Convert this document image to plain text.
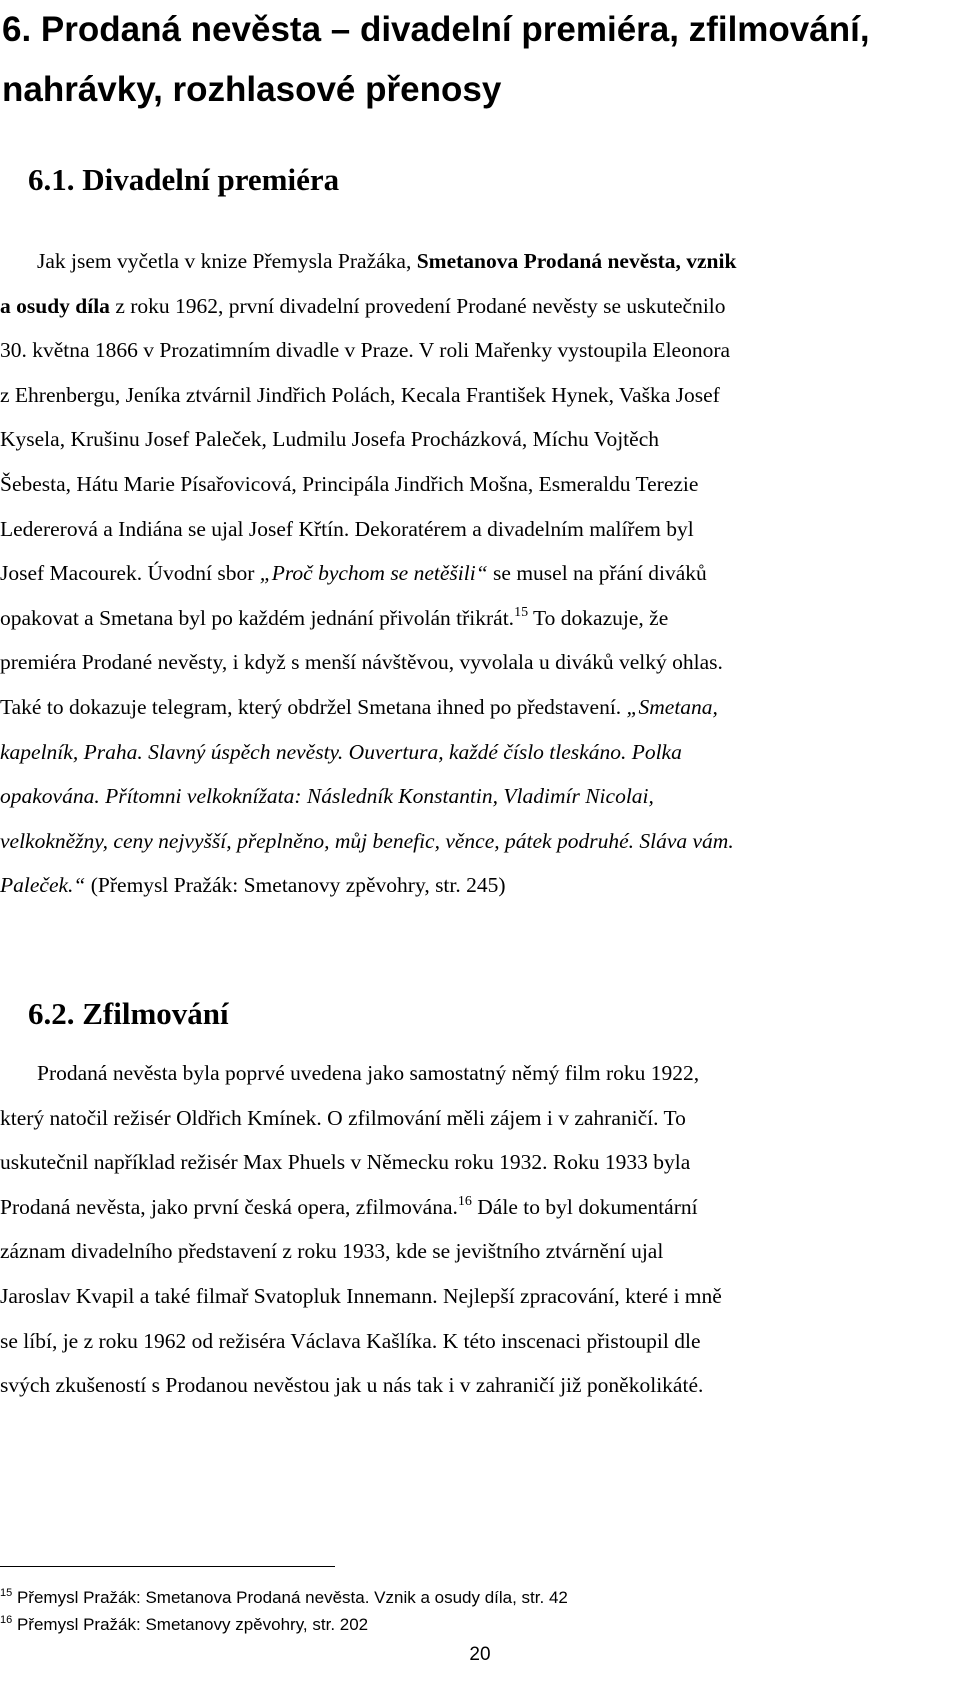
6. Prodaná nevěsta – divadelní premiéra, zfilmování,
nahrávky, rozhlasové přenosy
6.1. Divadelní premiéra
Jak jsem vyčetla v knize Přemysla Pražáka, Smetanova Prodaná nevěsta, vznik
a osudy díla z roku 1962, první divadelní provedení Prodané nevěsty se uskutečnilo
30. května 1866 v Prozatimním divadle v Praze. V roli Mařenky vystoupila Eleonora
z Ehrenbergu, Jeníka ztvárnil Jindřich Polách, Kecala František Hynek, Vaška Josef
Kysela, Krušinu Josef Paleček, Ludmilu Josefa Procházková, Míchu Vojtěch
Šebesta, Hátu Marie Písařovicová, Principála Jindřich Mošna, Esmeraldu Terezie
Ledererová a Indiána se ujal Josef Křtín. Dekoratérem a divadelním malířem byl
Josef Macourek. Úvodní sbor „Proč bychom se netěšili“ se musel na přání diváků
opakovat a Smetana byl po každém jednání přivolán třikrát.$^{15}$ To dokazuje, že
premiéra Prodané nevěsty, i když s menší návštěvou, vyvolala u diváků velký ohlas.
Také to dokazuje telegram, který obdržel Smetana ihned po představení. „Smetana,
kapelník, Praha. Slavný úspěch nevěsty. Ouvertura, každé číslo tleskáno. Polka
opakována. Přítomni velkoknížata: Následník Konstantin, Vladimír Nicolai,
velkokněžny, ceny nejvyšší, přeplněno, můj benefic, věnce, pátek podruhé. Sláva vám.
Paleček.“ (Přemysl Pražák: Smetanovy zpěvohry, str. 245)
6.2. Zfilmování
Prodaná nevěsta byla poprvé uvedena jako samostatný němý film roku 1922,
který natočil režisér Oldřich Kmínek. O zfilmování měli zájem i v zahraničí. To
uskutečnil například režisér Max Phuels v Německu roku 1932. Roku 1933 byla
Prodaná nevěsta, jako první česká opera, zfilmována.$^{16}$ Dále to byl dokumentární
záznam divadelního představení z roku 1933, kde se jevištního ztvárnění ujal
Jaroslav Kvapil a také filmař Svatopluk Innemann. Nejlepší zpracování, které i mně
se líbí, je z roku 1962 od režiséra Václava Kašlíka. K této inscenaci přistoupil dle
svých zkušeností s Prodanou nevěstou jak u nás tak i v zahraničí již poněkolikáté.
$^{15}$ Přemysl Pražák: Smetanova Prodaná nevěsta. Vznik a osudy díla, str. 42
$^{16}$ Přemysl Pražák: Smetanovy zpěvohry, str. 202
20
